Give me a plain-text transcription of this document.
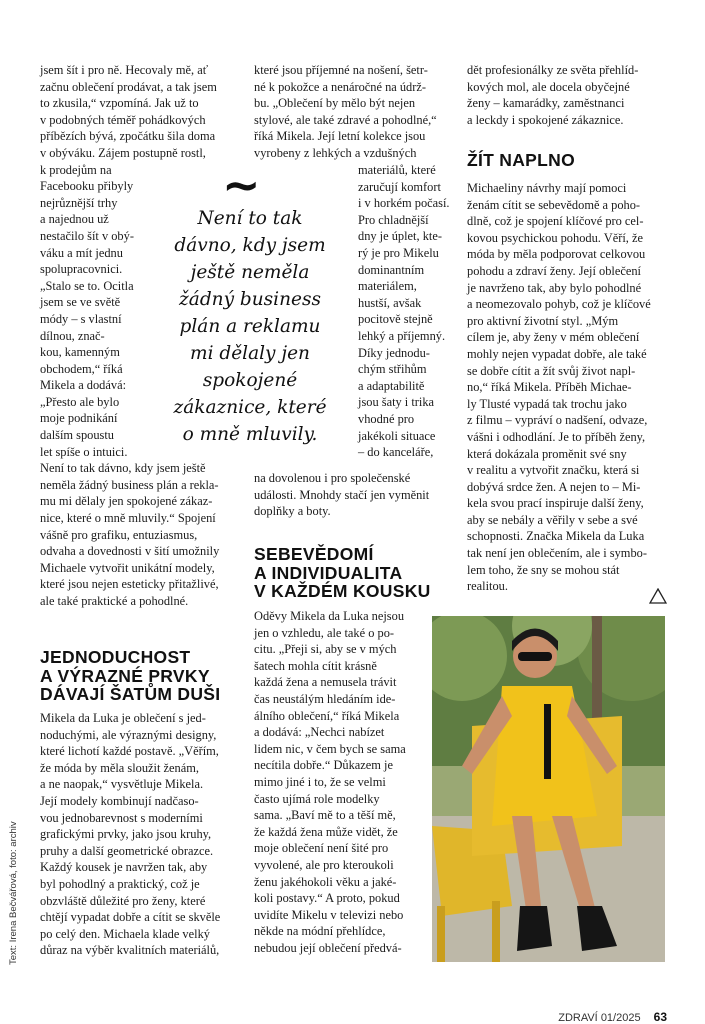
jsem šít i pro ně. Hecovaly mě, ať
začnu oblečení prodávat, a tak jsem
to zkusila,“ vzpomíná. Jak už to
v podobných téměř pohádkových
příbězích bývá, zpočátku šila doma
v obýváku. Zájem postupně rostl,
k prodejům na
Facebooku přibyly
nejrůznější trhy
a najednou už
nestačilo šít v obý-
váku a mít jednu
spolupracovnici.
„Stalo se to. Ocitla
jsem se ve světě
módy – s vlastní
dílnou, znač-
kou, kamenným
obchodem,“ říká
Mikela a dodává:
„Přesto ale bylo
moje podnikání
dalším spoustu
let spíše o intuici.
Není to tak dávno, kdy jsem ještě
neměla žádný business plán a rekla-
mu mi dělaly jen spokojené zákaz-
nice, které o mně mluvily.“ Spojení
vášně pro grafiku, entuziasmus,
odvaha a dovednosti v šití umožnily
Michaele vytvořit unikátní modely,
které jsou nejen esteticky přitažlivé,
ale také praktické a pohodlné.
JEDNODUCHOST
A VÝRAZNÉ PRVKY
DÁVAJÍ ŠATŮM DUŠI
Mikela da Luka je oblečení s jed-
noduchými, ale výraznými designy,
které lichotí každé postavě. „Věřím,
že móda by měla sloužit ženám,
a ne naopak,“ vysvětluje Mikela.
Její modely kombinují nadčaso-
vou jednobarevnost s moderními
grafickými prvky, jako jsou kruhy,
pruhy a další geometrické obrazce.
Každý kousek je navržen tak, aby
byl pohodlný a praktický, což je
obzvláště důležité pro ženy, které
chtějí vypadat dobře a cítit se skvěle
po celý den. Michaela klade velký
důraz na výběr kvalitních materiálů,
~
Není to tak
dávno, kdy jsem
ještě neměla
žádný business
plán a reklamu
mi dělaly jen
spokojené
zákaznice, které
o mně mluvily.
které jsou příjemné na nošení, šetr-
né k pokožce a nenáročné na údrž-
bu. „Oblečení by mělo být nejen
stylové, ale také zdravé a pohodlné,“
říká Mikela. Její letní kolekce jsou
vyrobeny z lehkých a vzdušných
materiálů, které
zaručují komfort
i v horkém počasí.
Pro chladnější
dny je úplet, kte-
rý je pro Mikelu
dominantním
materiálem,
hustší, avšak
pocitově stejně
lehký a příjemný.
Díky jednodu-
chým střihům
a adaptabilitě
jsou šaty i trika
vhodné pro
jakékoli situace
– do kanceláře,
na dovolenou i pro společenské
události. Mnohdy stačí jen vyměnit
doplňky a boty.
SEBEVĚDOMÍ
A INDIVIDUALITA
V KAŽDÉM KOUSKU
Oděvy Mikela da Luka nejsou
jen o vzhledu, ale také o po-
citu. „Přeji si, aby se v mých
šatech mohla cítit krásně
každá žena a nemusela trávit
čas neustálým hledáním ide-
álního oblečení,“ říká Mikela
a dodává: „Nechci nabízet
lidem nic, v čem bych se sama
necítila dobře.“ Důkazem je
mimo jiné i to, že se velmi
často ujímá role modelky
sama. „Baví mě to a těší mě,
že každá žena může vidět, že
moje oblečení není šité pro
vyvolené, ale pro kteroukoli
ženu jakéhokoli věku a jaké-
koli postavy.“ A proto, pokud
uvidíte Mikelu v televizi nebo
někde na módní přehlídce,
nebudou její oblečení předvá-
dět profesionálky ze světa přehlíd-
kových mol, ale docela obyčejné
ženy – kamarádky, zaměstnanci
a leckdy i spokojené zákaznice.
ŽÍT NAPLNO
Michaeliny návrhy mají pomoci
ženám cítit se sebevědomě a poho-
dlně, což je spojení klíčové pro cel-
kovou psychickou pohodu. Věří, že
móda by měla podporovat celkovou
pohodu a zdraví ženy. Její oblečení
je navrženo tak, aby bylo pohodlné
a neomezovalo pohyb, což je klíčové
pro aktivní životní styl. „Mým
cílem je, aby ženy v mém oblečení
mohly nejen vypadat dobře, ale také
se dobře cítit a žít svůj život napl-
no,“ říká Mikela. Příběh Michae-
ly Tlusté vypadá tak trochu jako
z filmu – vypráví o nadšení, odvaze,
vášni i odhodlání. Je to příběh ženy,
která dokázala proměnit své sny
v realitu a vytvořit značku, která si
dobývá srdce žen. A nejen to – Mi-
kela svou prací inspiruje další ženy,
aby se nebály a věřily v sebe a své
schopnosti. Značka Mikela da Luka
tak není jen oblečením, ale i symbo-
lem toho, že sny se mohou stát
realitou.
Text: Irena Bečvářová, foto: archiv
ZDRAVÍ 01/2025 63
